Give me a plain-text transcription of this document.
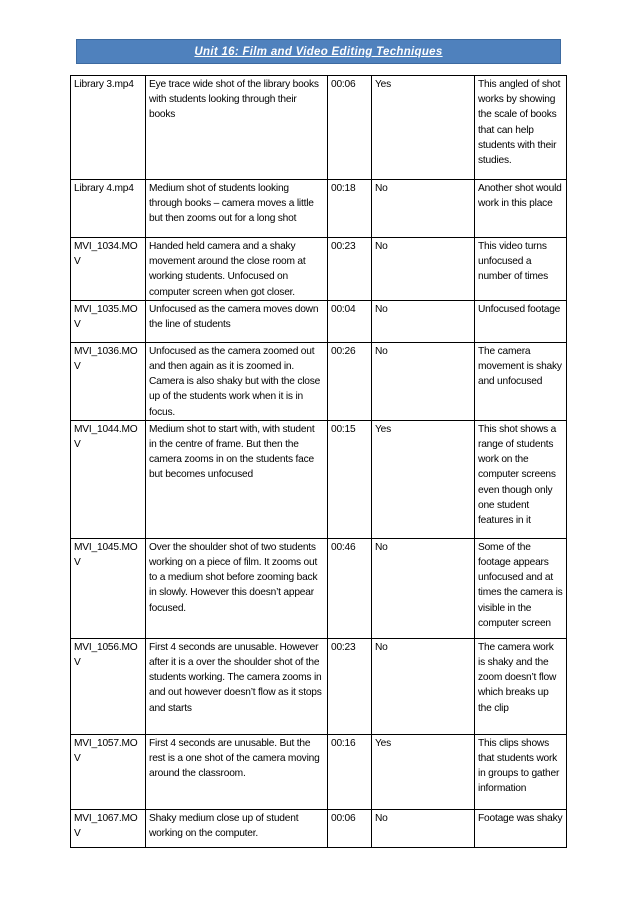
Unit 16: Film and Video Editing Techniques
Library 3.mp4	Eye trace wide shot of the library books with students looking through their books	00:06	Yes	This angled of shot works by showing the scale of books that can help students with their studies.
Library 4.mp4	Medium shot of students looking through books – camera moves a little but then zooms out for a long shot	00:18	No	Another shot would work in this place
MVI_1034.MOV	Handed held camera and a shaky movement around the close room at working students. Unfocused on computer screen when got closer.	00:23	No	This video turns unfocused a number of times
MVI_1035.MOV	Unfocused as the camera moves down the line of students	00:04	No	Unfocused footage
MVI_1036.MOV	Unfocused as the camera zoomed out and then again as it is zoomed in. Camera is also shaky but with the close up of the students work when it is in focus.	00:26	No	The camera movement is shaky and unfocused
MVI_1044.MOV	Medium shot to start with, with student in the centre of frame. But then the camera zooms in on the students face but becomes unfocused	00:15	Yes	This shot shows a range of students work on the computer screens even though only one student features in it
MVI_1045.MOV	Over the shoulder shot of two students working on a piece of film. It zooms out to a medium shot before zooming back in slowly. However this doesn’t appear focused.	00:46	No	Some of the footage appears unfocused and at times the camera is visible in the computer screen
MVI_1056.MOV	First 4 seconds are unusable. However after it is a over the shoulder shot of the students working. The camera zooms in and out however doesn’t flow as it stops and starts	00:23	No	The camera work is shaky and the zoom doesn’t flow which breaks up the clip
MVI_1057.MOV	First 4 seconds are unusable. But the rest is a one shot of the camera moving around the classroom.	00:16	Yes	This clips shows that students work in groups to gather information
MVI_1067.MOV	Shaky medium close up of student working on the computer.	00:06	No	Footage was shaky
